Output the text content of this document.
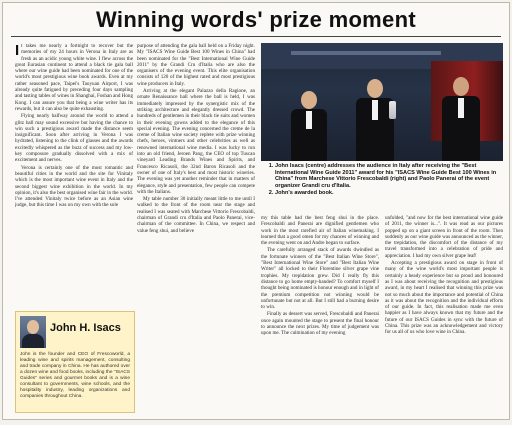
Winning words' prize moment

It takes me nearly a fortnight to recover but the memories of my 24 hours in Verona in Italy are as fresh as an acidic young white wine. I flew across the great Eurasian continent to attend a black tie gala ball where our wine guide had been nominated for one of the world's most prestigious wine book awards. Even at my rather seasoned pace, Taipei's Taoyuan Airport, I was already quite fatigued by preceding four days sampling and tasting tables of wines in Shanghai, Foshan and Hong Kong. I can assure you that being a wine writer has its rewards, but it can also be quite exhausting.

Flying nearly halfway around the world to attend a glitz ball may sound excessive but having the chance to win such a prestigious award made the distance seem insignificant. Soon after arriving in Verona I was hydrated, listening to the clink of glasses and the awards excitedly whispered as the buzz of success and my low-key composure gradually dissolved with a mix of excitement and nerves.

Verona is certainly one of the most romantic and beautiful cities in the world and the site for Vinitaly which is the most important wine event in Italy and the second biggest wine exhibition in the world. In my opinion, it's also the best organised wine fair in the world. I've attended Vinitaly twice before as an Asian wine judge, but this time I was on my own with the sole

purpose of attending the gala ball held on a Friday night. My "ISACS Wine Guide Best 100 Wines in China" had been nominated for the "Best International Wine Guide 2011" by the Grandi Cru d'Italia who are also the organisers of the evening event. This elite organisation consists of 120 of the highest rated and most prestigious wine producers in Italy.

Arriving at the elegant Palazzo della Ragione, an ornate Renaissance hall where the ball is held, I was immediately impressed by the synergistic mix of the striking architecture and elegantly dressed crowd. The hundreds of gentlemen in their black tie suits and women in their evening gowns added to the elegance of this special evening. The evening concerned the creme de la creme of Italian wine society replete with prize winning chefs, heroes, vintners and other celebrities as well as renowned international wine media. I was lucky to run into an old friend, Jeroen Pang, the CEO of top Tuscan vineyard Leading Brands Wines and Spirits, and Francesco Ricasoli, the 32nd Baron Ricasoli and the owner of one of Italy's best and most historic wineries. The evening was yet another reminder that in matters of elegance, style and presentation, few people can compete with the Italians.

My table number 30 initially meant little to me until I walked to the front of the room near the stage and realised I was seated with Marchese Vittorio Frescobaldi, chairman of Grandi cru d'Italia and Paolo Panerai, vice-chairman of the committee. In China, we respect and value feng shui, and believe

1. John Isacs (centre) addresses the audience in Italy after receiving the "Best International Wine Guide 2011" award for his "ISACS Wine Guide Best 100 Wines in China" from Marchese Vittorio Frescobaldi (right) and Paolo Panerai of the event organizer Grandi cru d'Italia.
2. John's awarded book.

my this table had the best feng shui in the place. Frescobaldi and Panerai are dignified gentlemen who work in the most rarefied air of Italian winemaking. I learned that a good omen for my chances of winning and the evening went on and Andre began to surface.

The carefully arranged stack of awards dwindled as the fortunate winners of the "Best Italian Wine Store", "Best International Wine Store" and "Best Italian Wine Writer" all locked to their Florentine silver grape vine trophies. My trepidation grew. Did I really fly this distance to go home empty-handed? To comfort myself I thought being nominated is honour enough and in light of the premium competition not winning would be unfortunate but not at all. But I still had a burning desire to win.

Finally as dessert was served, Frescobaldi and Panerai once again mounted the stage to present the final honour to announce the next prizes. My time of judgement was upon me. The culmination of my evening

unfolded, "and now for the best international wine guide of 2011, the winner is...". It was read as our pictures popped up on a giant screen in front of the room. Then suddenly as our wine guide was announced as the winner, the trepidation, the discomfort of the distance of my travel transformed into a celebration of pride and appreciation. I had my own silver grape leaf!

Accepting a prestigious award on stage in front of many of the wine world's most important people is certainly a heady experience but so proud and honoured as I was about receiving the recognition and prestigious award, in my heart I realised that winning this prize was not so much about the importance and potential of China as it was about the recognition and the individual efforts of our guide. In fact, this realisation made me even happier as I have always known that my future and the future of our ISACS Guides in sync with the future of China. This prize was an acknowledgement and victory for us all of us who love wine in China.

John H. Isacs
John is the founder and CEO of Frescoworld, a leading wine and spirits management, consulting and trade company in China. He has authored over a dozen wine and food books, including the "ISACS Guides" series and gourmet books and is a wine consultant to governments, wine schools, and the hospitality industry, leading organizations and companies throughout China.
